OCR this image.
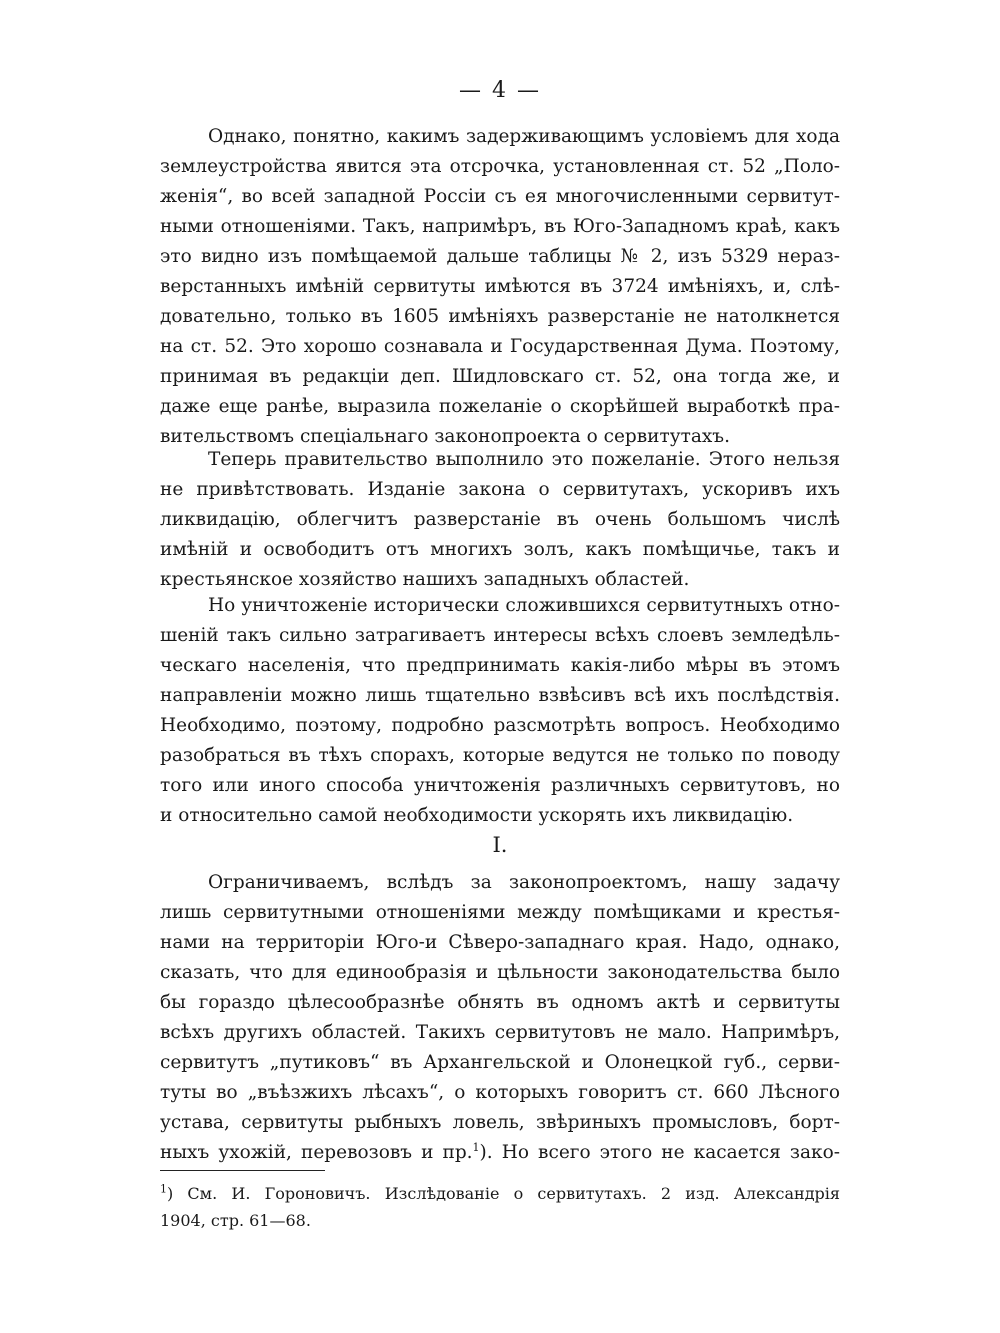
— 4 —
Однако, понятно, какимъ задерживающимъ условіемъ для хода
землеустройства явится эта отсрочка, установленная ст. 52 „Поло-
женія“, во всей западной Россіи съ ея многочисленными сервитут-
ными отношеніями. Такъ, напримѣръ, въ Юго-Западномъ краѣ, какъ
это видно изъ помѣщаемой дальше таблицы № 2, изъ 5329 нераз-
верстанныхъ имѣній сервитуты имѣются въ 3724 имѣніяхъ, и, слѣ-
довательно, только въ 1605 имѣніяхъ разверстаніе не натолкнется
на ст. 52. Это хорошо сознавала и Государственная Дума. Поэтому,
принимая въ редакціи деп. Шидловскаго ст. 52, она тогда же, и
даже еще ранѣе, выразила пожеланіе о скорѣйшей выработкѣ пра-
вительствомъ спеціальнаго законопроекта о сервитутахъ.
Теперь правительство выполнило это пожеланіе. Этого нельзя
не привѣтствовать. Изданіе закона о сервитутахъ, ускоривъ ихъ
ликвидацію, облегчитъ разверстаніе въ очень большомъ числѣ
имѣній и освободитъ отъ многихъ золъ, какъ помѣщичье, такъ и
крестьянское хозяйство нашихъ западныхъ областей.
Но уничтоженіе исторически сложившихся сервитутныхъ отно-
шеній такъ сильно затрагиваетъ интересы всѣхъ слоевъ земледѣль-
ческаго населенія, что предпринимать какія-либо мѣры въ этомъ
направленіи можно лишь тщательно взвѣсивъ всѣ ихъ послѣдствія.
Необходимо, поэтому, подробно разсмотрѣть вопросъ. Необходимо
разобраться въ тѣхъ спорахъ, которые ведутся не только по поводу
того или иного способа уничтоженія различныхъ сервитутовъ, но
и относительно самой необходимости ускорять ихъ ликвидацію.
I.
Ограничиваемъ, вслѣдъ за законопроектомъ, нашу задачу
лишь сервитутными отношеніями между помѣщиками и крестья-
нами на территоріи Юго-и Сѣверо-западнаго края. Надо, однако,
сказать, что для единообразія и цѣльности законодательства было
бы гораздо цѣлесообразнѣе обнять въ одномъ актѣ и сервитуты
всѣхъ другихъ областей. Такихъ сервитутовъ не мало. Напримѣръ,
сервитутъ „путиковъ“ въ Архангельской и Олонецкой губ., серви-
туты во „въѣзжихъ лѣсахъ“, о которыхъ говоритъ ст. 660 Лѣсного
устава, сервитуты рыбныхъ ловель, звѣриныхъ промысловъ, борт-
ныхъ ухожій, перевозовъ и пр.$^1$). Но всего этого не касается зако-
$^1$) См. И. Гороновичъ. Изслѣдованіе о сервитутахъ. 2 изд. Александрія
1904, стр. 61—68.
